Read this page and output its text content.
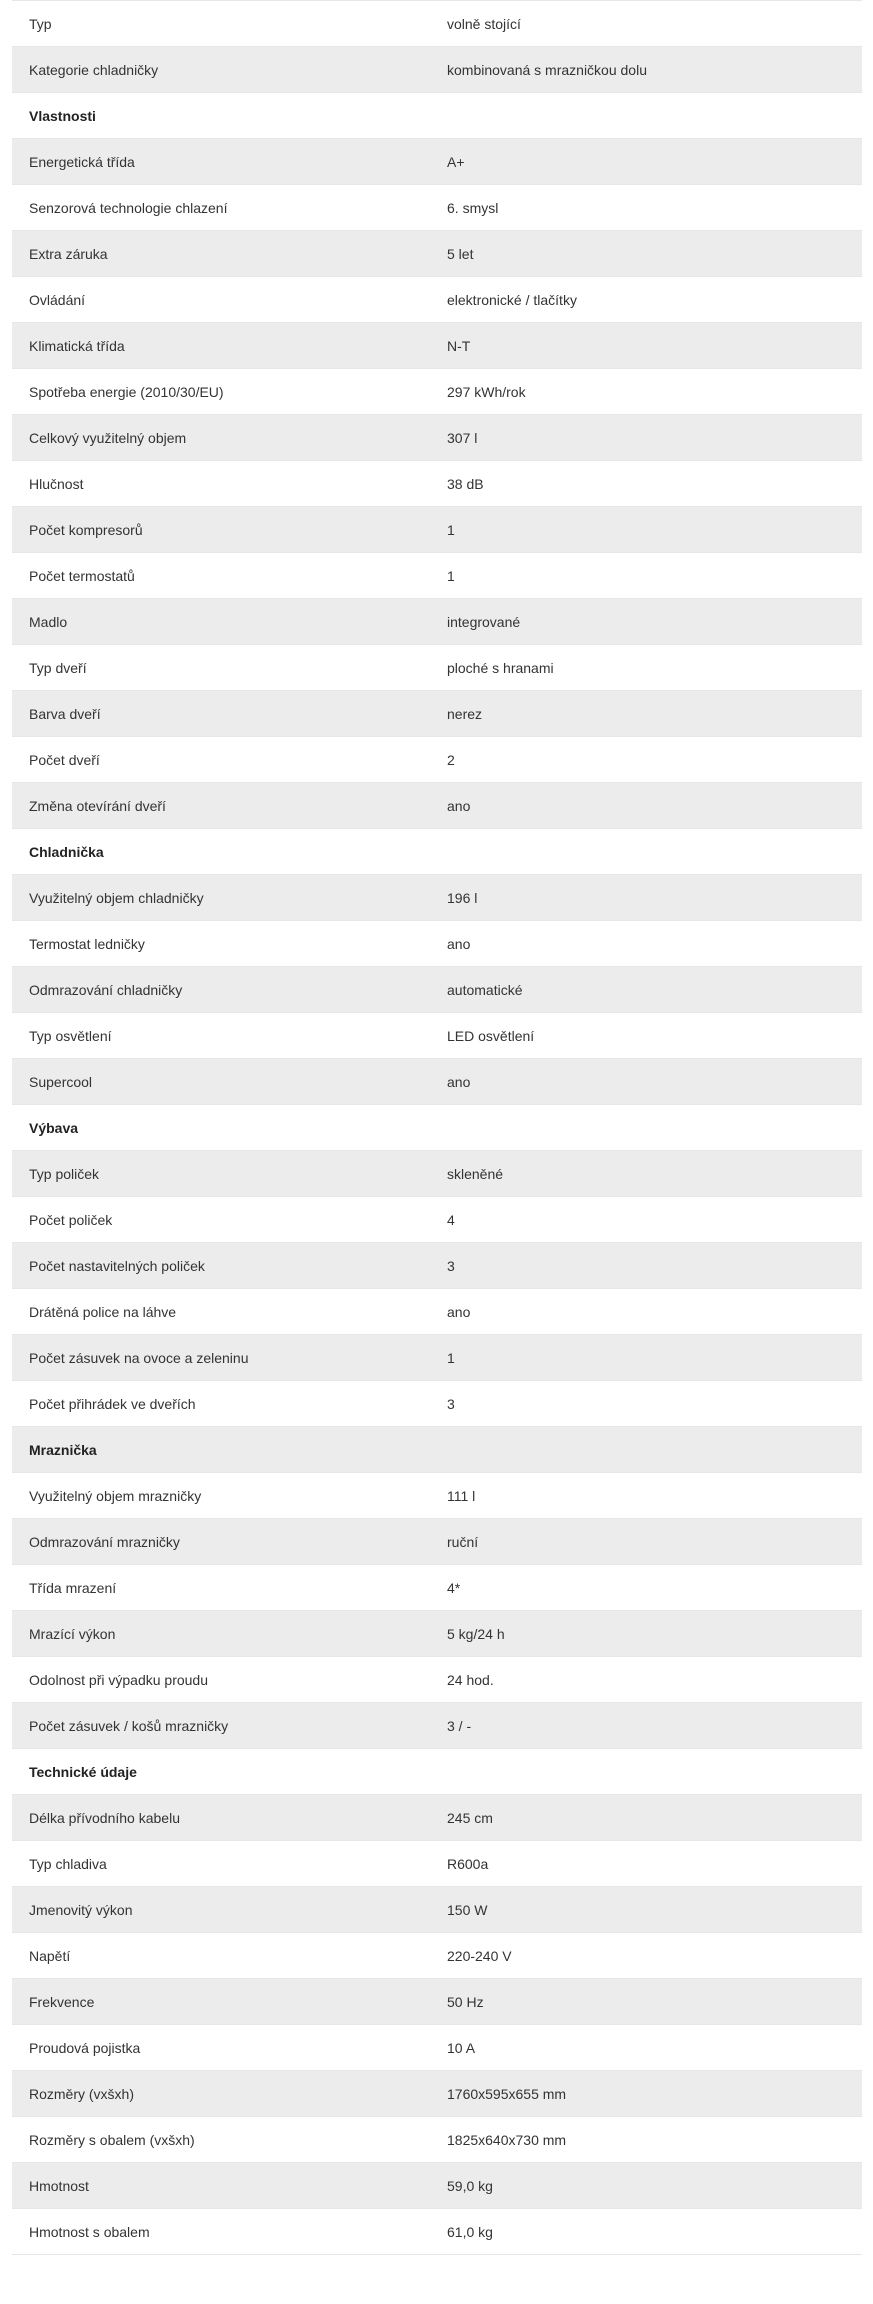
Typ	volně stojící
Kategorie chladničky	kombinovaná s mrazničkou dolu
Vlastnosti
Energetická třída	A+
Senzorová technologie chlazení	6. smysl
Extra záruka	5 let
Ovládání	elektronické / tlačítky
Klimatická třída	N-T
Spotřeba energie (2010/30/EU)	297 kWh/rok
Celkový využitelný objem	307 l
Hlučnost	38 dB
Počet kompresorů	1
Počet termostatů	1
Madlo	integrované
Typ dveří	ploché s hranami
Barva dveří	nerez
Počet dveří	2
Změna otevírání dveří	ano
Chladnička
Využitelný objem chladničky	196 l
Termostat ledničky	ano
Odmrazování chladničky	automatické
Typ osvětlení	LED osvětlení
Supercool	ano
Výbava
Typ poliček	skleněné
Počet poliček	4
Počet nastavitelných poliček	3
Drátěná police na láhve	ano
Počet zásuvek na ovoce a zeleninu	1
Počet přihrádek ve dveřích	3
Mraznička
Využitelný objem mrazničky	111 l
Odmrazování mrazničky	ruční
Třída mrazení	4*
Mrazící výkon	5 kg/24 h
Odolnost při výpadku proudu	24 hod.
Počet zásuvek / košů mrazničky	3 / -
Technické údaje
Délka přívodního kabelu	245 cm
Typ chladiva	R600a
Jmenovitý výkon	150 W
Napětí	220-240 V
Frekvence	50 Hz
Proudová pojistka	10 A
Rozměry (vxšxh)	1760x595x655 mm
Rozměry s obalem (vxšxh)	1825x640x730 mm
Hmotnost	59,0 kg
Hmotnost s obalem	61,0 kg
